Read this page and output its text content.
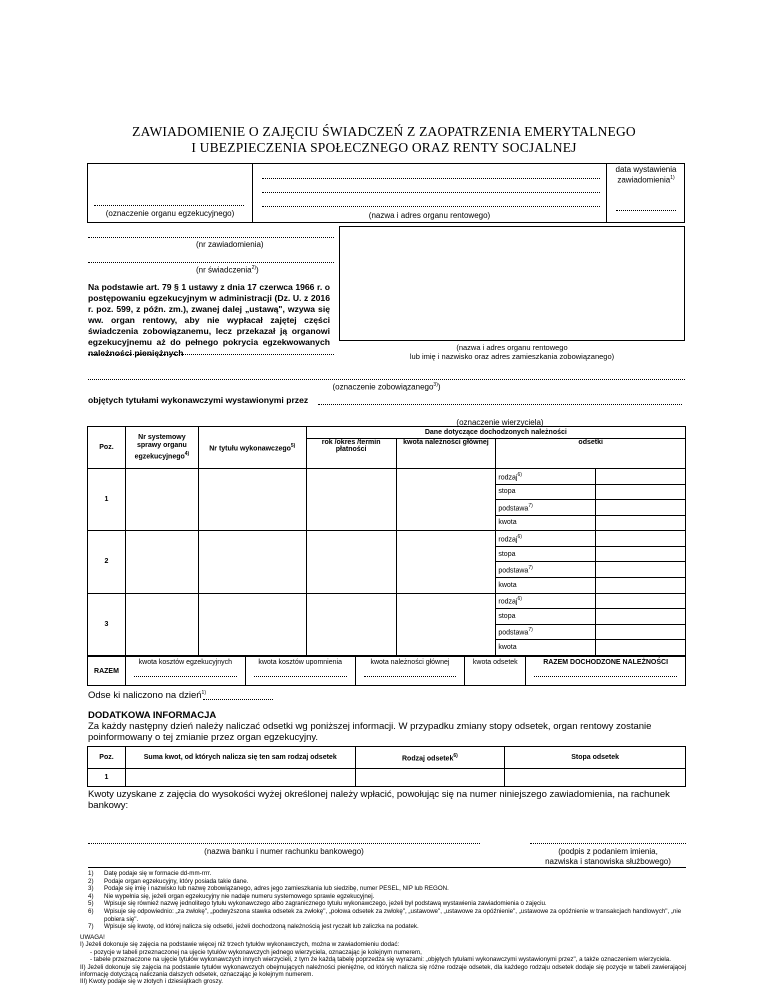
ZAWIADOMIENIE O ZAJĘCIU ŚWIADCZEŃ Z ZAOPATRZENIA EMERYTALNEGO
I UBEZPIECZENIA SPOŁECZNEGO ORAZ RENTY SOCJALNEJ
(oznaczenie organu egzekucyjnego)	(nazwa i adres organu rentowego)
data wystawienia zawiadomienia$^{1)}$
(nr zawiadomienia)
(nr świadczenia$^{2)}$)
Na podstawie art. 79 § 1 ustawy z dnia 17 czerwca 1966 r. o postępowaniu egzekucyjnym w administracji (Dz. U. z 2016 r. poz. 599, z późn. zm.), zwanej dalej „ustawą", wzywa się ww. organ rentowy, aby nie wypłacał zajętej części świadczenia zobowiązanemu, lecz przekazał ją organowi egzekucyjnemu aż do pełnego pokrycia egzekwowanych należności pieniężnych
(nazwa i adres organu rentowego
lub imię i nazwisko oraz adres zamieszkania zobowiązanego)
(oznaczenie zobowiązanego$^{3)}$)
objętych tytułami wykonawczymi wystawionymi przez
(oznaczenie wierzyciela)
Poz.	Nr systemowy sprawy organu egzekucyjnego$^{4)}$	Nr tytułu wykonawczego$^{5)}$	Dane dotyczące dochodzonych należności			
			rok /okres /termin płatności	kwota należności głównej	odsetki	
1					rodzaj$^{6)}$	
					stopa	
					podstawa$^{7)}$	
					kwota	
2					rodzaj$^{6)}$	
					stopa	
					podstawa$^{7)}$	
					kwota	
3					rodzaj$^{6)}$	
					stopa	
					podstawa$^{7)}$	
					kwota	
RAZEM	
kwota kosztów egzekucyjnych	kwota kosztów upomnienia	kwota należności głównej	kwota odsetek	RAZEM DOCHODZONE NALEŻNOŚCI
Odse ki naliczono na dzień$^{1)}$
DODATKOWA INFORMACJA
Za każdy następny dzień należy naliczać odsetki wg poniższej informacji. W przypadku zmiany stopy odsetek, organ rentowy zostanie poinformowany o tej zmianie przez organ egzekucyjny.
Poz.	Suma kwot, od których nalicza się ten sam rodzaj odsetek	Rodzaj odsetek$^{6)}$	Stopa odsetek
1			
Kwoty uzyskane z zajęcia do wysokości wyżej określonej należy wpłacić, powołując się na numer niniejszego zawiadomienia, na rachunek bankowy:
(nazwa banku i numer rachunku bankowego)	(podpis z podaniem imienia,
nazwiska i stanowiska służbowego)
1)	Datę podaje się w formacie dd-mm-rrrr.
2)	Podaje organ egzekucyjny, który posiada takie dane.
3)	Podaje się imię i nazwisko lub nazwę zobowiązanego, adres jego zamieszkania lub siedzibę, numer PESEL, NIP lub REGON.
4)	Nie wypełnia się, jeżeli organ egzekucyjny nie nadaje numeru systemowego sprawie egzekucyjnej.
5)	Wpisuje się również nazwę jednolitego tytułu wykonawczego albo zagranicznego tytułu wykonawczego, jeżeli był podstawą wystawienia zawiadomienia o zajęciu.
6)	Wpisuje się odpowiednio: „za zwłokę", „podwyższona stawka odsetek za zwłokę", „połowa odsetek za zwłokę", „ustawowe", „ustawowe za opóźnienie", „ustawowe za opóźnienie w transakcjach handlowych", „nie pobiera się".
7)	Wpisuje się kwotę, od której nalicza się odsetki, jeżeli dochodzoną należnością jest ryczałt lub zaliczka na podatek.
UWAGA!
I) Jeżeli dokonuje się zajęcia na podstawie więcej niż trzech tytułów wykonawczych, można w zawiadomieniu dodać:
- pozycje w tabeli przeznaczonej na ujęcie tytułów wykonawczych jednego wierzyciela, oznaczając je kolejnym numerem,
- tabele przeznaczone na ujęcie tytułów wykonawczych innych wierzycieli, z tym że każdą tabelę poprzedza się wyrazami: „objętych tytułami wykonawczymi wystawionymi przez", a także oznaczeniem wierzyciela.
II) Jeżeli dokonuje się zajęcia na podstawie tytułów wykonawczych obejmujących należności pieniężne, od których nalicza się różne rodzaje odsetek, dla każdego rodzaju odsetek dodaje się pozycje w tabeli zawierającej informację dotyczącą naliczania dalszych odsetek, oznaczając je kolejnym numerem.
III) Kwoty podaje się w złotych i dziesiątkach groszy.
